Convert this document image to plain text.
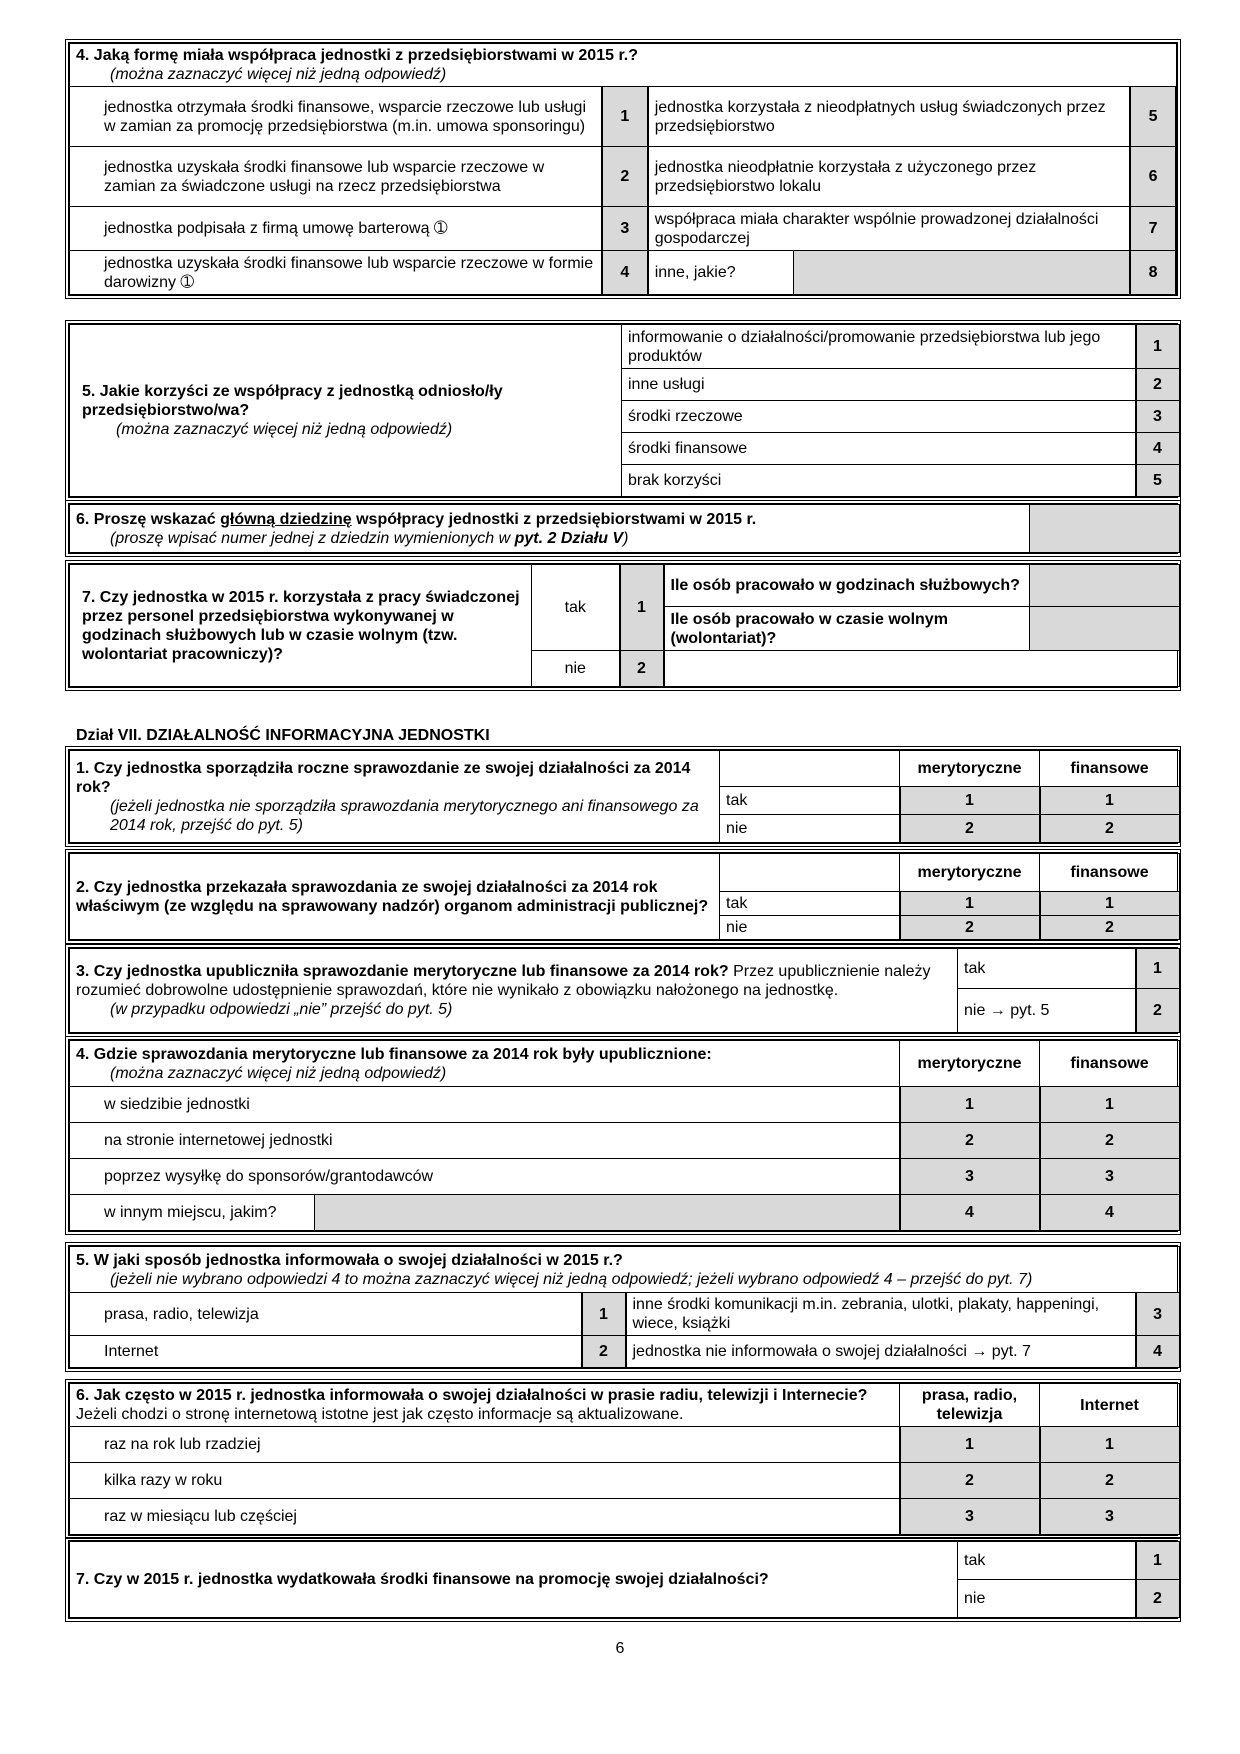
4. Jaką formę miała współpraca jednostki z przedsiębiorstwami w 2015 r.?
(można zaznaczyć więcej niż jedną odpowiedź)				

jednostka otrzymała środki finansowe, wsparcie rzeczowe lub usługi w zamian za promocję przedsiębiorstwa (m.in. umowa sponsoringu)	1	jednostka korzystała z nieodpłatnych usług świadczonych przez przedsiębiorstwo		5
jednostka uzyskała środki finansowe lub wsparcie rzeczowe w zamian za świadczone usługi na rzecz przedsiębiorstwa	2	jednostka nieodpłatnie korzystała z użyczonego przez przedsiębiorstwo lokalu		6
jednostka podpisała z firmą umowę barterową ➀	3	współpraca miała charakter wspólnie prowadzonej działalności gospodarczej		7
jednostka uzyskała środki finansowe lub wsparcie rzeczowe w formie darowizny ➀	4	inne, jakie?		8
5. Jakie korzyści ze współpracy z jednostką odniosło/ły przedsiębiorstwo/wa?
(można zaznaczyć więcej niż jedną odpowiedź)	informowanie o działalności/promowanie przedsiębiorstwa lub jego produktów	1
	inne usługi	2
	środki rzeczowe	3
	środki finansowe	4
	brak korzyści	5
6. Proszę wskazać główną dziedzinę współpracy jednostki z przedsiębiorstwami w 2015 r.
(proszę wpisać numer jednej z dziedzin wymienionych w pyt. 2 Działu V)

7. Czy jednostka w 2015 r. korzystała z pracy świadczonej przez personel przedsiębiorstwa wykonywanej w godzinach służbowych lub w czasie wolnym (tzw. wolontariat pracowniczy)?	tak	1	Ile osób pracowało w godzinach służbowych?	
			Ile osób pracowało w czasie wolnym (wolontariat)?	
	nie	2		
Dział VII. DZIAŁALNOŚĆ INFORMACYJNA JEDNOSTKI
1. Czy jednostka sporządziła roczne sprawozdanie ze swojej działalności za 2014 rok?
(jeżeli jednostka nie sporządziła sprawozdania merytorycznego ani finansowego za 2014 rok, przejść do pyt. 5)		merytoryczne	finansowe
	tak	1	1
	nie	2	2
2. Czy jednostka przekazała sprawozdania ze swojej działalności za 2014 rok właściwym (ze względu na sprawowany nadzór) organom administracji publicznej?		merytoryczne	finansowe
	tak	1	1
	nie	2	2
3. Czy jednostka upubliczniła sprawozdanie merytoryczne lub finansowe za 2014 rok? Przez upublicznienie należy rozumieć dobrowolne udostępnienie sprawozdań, które nie wynikało z obowiązku nałożonego na jednostkę.
(w przypadku odpowiedzi „nie” przejść do pyt. 5)	tak	1
	nie → pyt. 5	2
4. Gdzie sprawozdania merytoryczne lub finansowe za 2014 rok były upublicznione:
(można zaznaczyć więcej niż jedną odpowiedź)		merytoryczne	finansowe
w siedzibie jednostki		1	1
na stronie internetowej jednostki		2	2
poprzez wysyłkę do sponsorów/grantodawców		3	3
w innym miejscu, jakim?		4	4
5. W jaki sposób jednostka informowała o swojej działalności w 2015 r.?
(jeżeli nie wybrano odpowiedzi 4 to można zaznaczyć więcej niż jedną odpowiedź; jeżeli wybrano odpowiedź 4 – przejść do pyt. 7)			

prasa, radio, telewizja	1	inne środki komunikacji m.in. zebrania, ulotki, plakaty, happeningi, wiece, książki	3
Internet	2	jednostka nie informowała o swojej działalności → pyt. 7	4
6. Jak często w 2015 r. jednostka informowała o swojej działalności w prasie radiu, telewizji i Internecie? Jeżeli chodzi o stronę internetową istotne jest jak często informacje są aktualizowane.	prasa, radio, telewizja	Internet
raz na rok lub rzadziej	1	1
kilka razy w roku	2	2
raz w miesiącu lub częściej	3	3
7. Czy w 2015 r. jednostka wydatkowała środki finansowe na promocję swojej działalności?	tak	1
	nie	2
6
